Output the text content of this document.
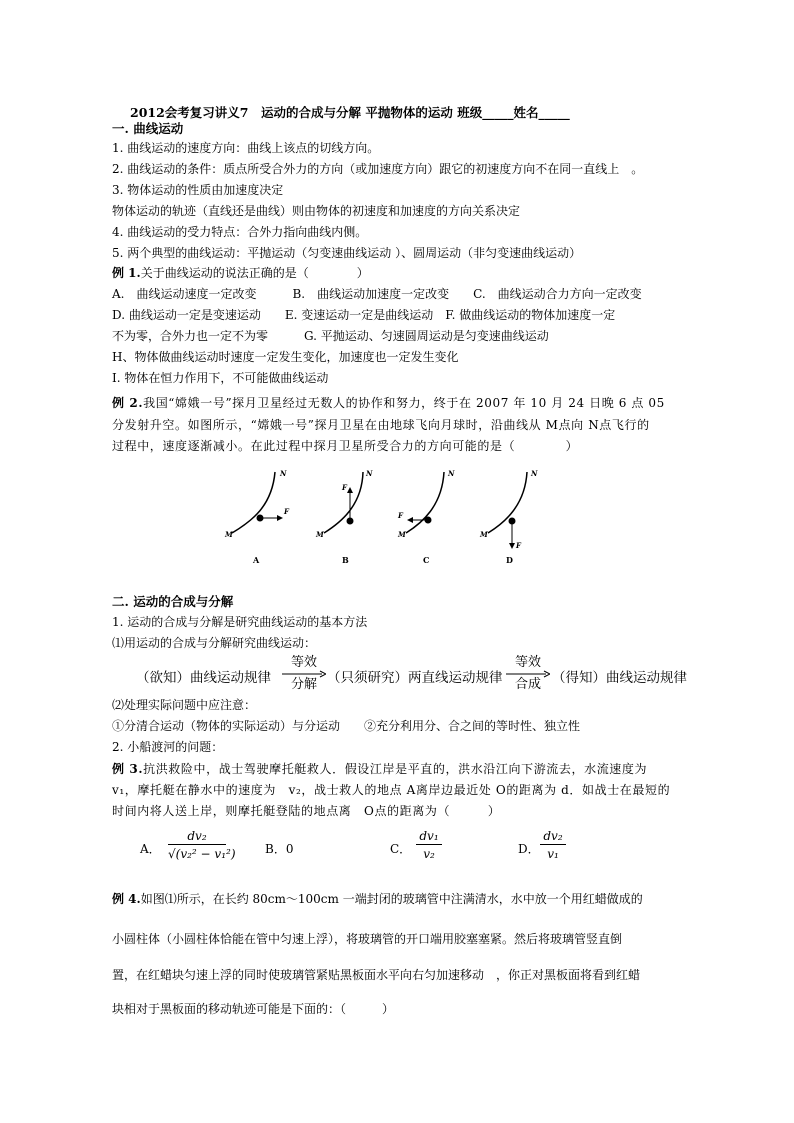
2012会考复习讲义7　运动的合成与分解 平抛物体的运动 班级_____姓名_____
一. 曲线运动
1. 曲线运动的速度方向：曲线上该点的切线方向。
2. 曲线运动的条件：质点所受合外力的方向（或加速度方向）跟它的初速度方向不在同一直线上　。
3. 物体运动的性质由加速度决定
物体运动的轨迹（直线还是曲线）则由物体的初速度和加速度的方向关系决定
4. 曲线运动的受力特点：合外力指向曲线内侧。
5. 两个典型的曲线运动：平抛运动（匀变速曲线运动 ）、圆周运动（非匀变速曲线运动）
例 1.关于曲线运动的说法正确的是（　　　　）
A.　曲线运动速度一定改变　　　B.　曲线运动加速度一定改变　　C.　曲线运动合力方向一定改变
D. 曲线运动一定是变速运动　　E. 变速运动一定是曲线运动　F. 做曲线运动的物体加速度一定
不为零，合外力也一定不为零　　　G. 平抛运动、匀速圆周运动是匀变速曲线运动
H、物体做曲线运动时速度一定发生变化，加速度也一定发生变化
I. 物体在恒力作用下，不可能做曲线运动
例 2.我国“嫦娥一号”探月卫星经过无数人的协作和努力，终于在 2007 年 10 月 24 日晚 6 点 05
分发射升空。如图所示，“嫦娥一号”探月卫星在由地球飞向月球时，沿曲线从 M点向 N点飞行的
过程中，速度逐渐减小。在此过程中探月卫星所受合力的方向可能的是（　　　　）
N
M
F
A
N
M
F
B
N
M
F
C
N
M
F
D
二. 运动的合成与分解
1. 运动的合成与分解是研究曲线运动的基本方法
⑴用运动的合成与分解研究曲线运动：
（欲知）曲线运动规律
等效
分解 （只须研究）两直线运动规律
等效
合成 （得知）曲线运动规律
⑵处理实际问题中应注意：
①分清合运动（物体的实际运动）与分运动　　②充分利用分、合之间的等时性、独立性
2. 小船渡河的问题：
例 3.抗洪救险中，战士驾驶摩托艇救人．假设江岸是平直的，洪水沿江向下游流去，水流速度为
v₁，摩托艇在静水中的速度为　v₂，战士救人的地点 A离岸边最近处 O的距离为 d．如战士在最短的
时间内将人送上岸，则摩托艇登陆的地点离　O点的距离为（　　　）
A．
dv₂
√(v₂² − v₁²) B．0	C．
dv₁
v₂	D．
dv₂
v₁
例 4.如图⑴所示，在长约 80cm～100cm 一端封闭的玻璃管中注满清水，水中放一个用红蜡做成的
小圆柱体（小圆柱体恰能在管中匀速上浮），将玻璃管的开口端用胶塞塞紧。然后将玻璃管竖直倒
置，在红蜡块匀速上浮的同时使玻璃管紧贴黑板面水平向右匀加速移动　，你正对黑板面将看到红蜡
块相对于黑板面的移动轨迹可能是下面的：（　　　）
